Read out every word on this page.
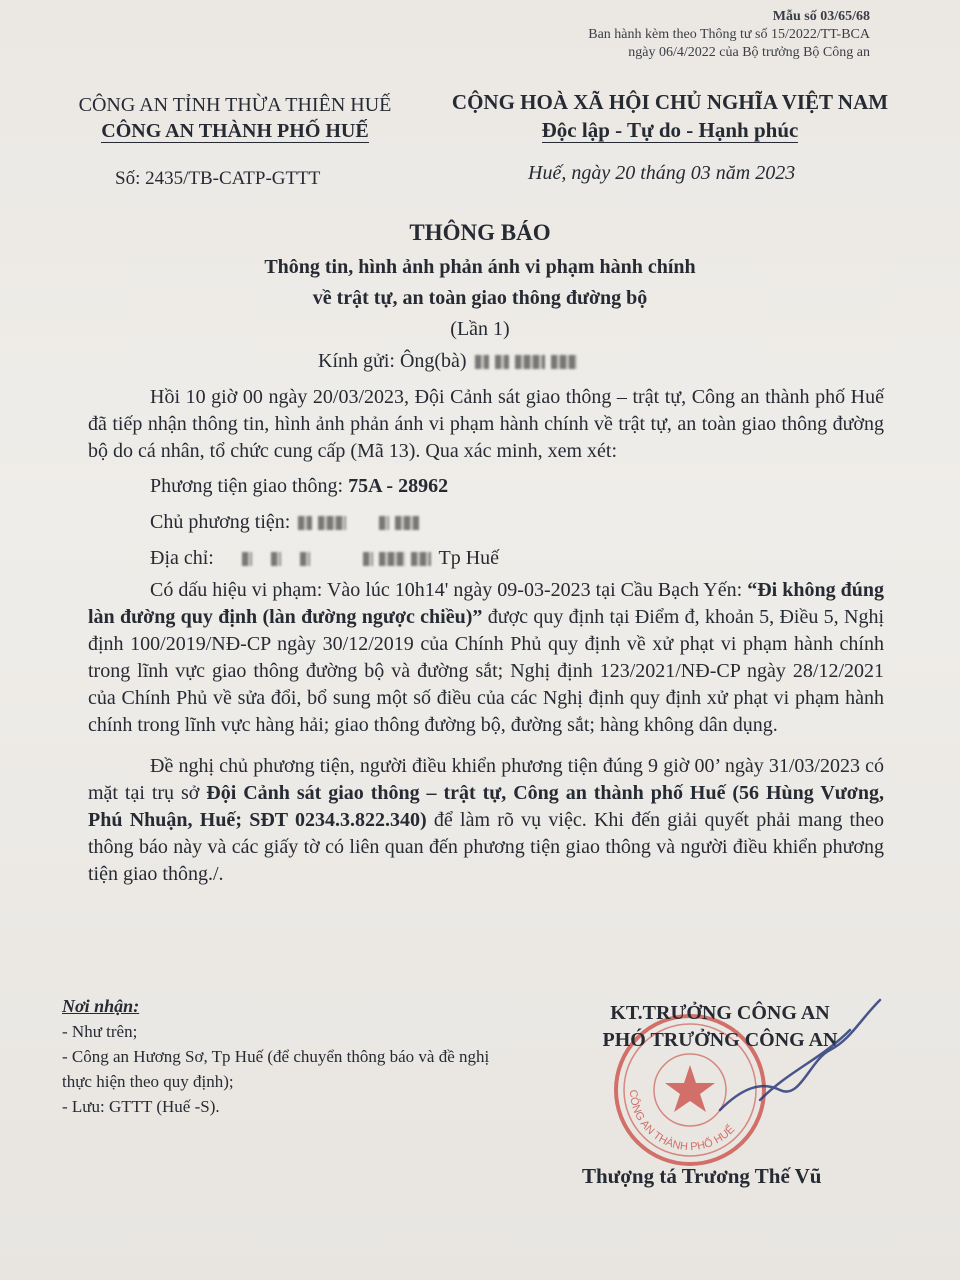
Mẫu số 03/65/68
Ban hành kèm theo Thông tư số 15/2022/TT-BCA
ngày 06/4/2022 của Bộ trưởng Bộ Công an
CÔNG AN TỈNH THỪA THIÊN HUẾ
CÔNG AN THÀNH PHỐ HUẾ
CỘNG HOÀ XÃ HỘI CHỦ NGHĨA VIỆT NAM
Độc lập - Tự do - Hạnh phúc
Số: 2435/TB-CATP-GTTT	Huế, ngày 20 tháng 03 năm 2023
THÔNG BÁO
Thông tin, hình ảnh phản ánh vi phạm hành chính
về trật tự, an toàn giao thông đường bộ
(Lần 1)
Kính gửi: Ông(bà)

Hồi 10 giờ 00 ngày 20/03/2023, Đội Cảnh sát giao thông – trật tự, Công an thành phố Huế đã tiếp nhận thông tin, hình ảnh phản ánh vi phạm hành chính về trật tự, an toàn giao thông đường bộ do cá nhân, tổ chức cung cấp (Mã 13). Qua xác minh, xem xét:

Phương tiện giao thông: 75A - 28962

Chủ phương tiện:

Địa chỉ:	Tp Huế

Có dấu hiệu vi phạm: Vào lúc 10h14' ngày 09-03-2023 tại Cầu Bạch Yến: “Đi không đúng làn đường quy định (làn đường ngược chiều)” được quy định tại Điểm đ, khoản 5, Điều 5, Nghị định 100/2019/NĐ-CP ngày 30/12/2019 của Chính Phủ quy định về xử phạt vi phạm hành chính trong lĩnh vực giao thông đường bộ và đường sắt; Nghị định 123/2021/NĐ-CP ngày 28/12/2021 của Chính Phủ về sửa đổi, bổ sung một số điều của các Nghị định quy định xử phạt vi phạm hành chính trong lĩnh vực hàng hải; giao thông đường bộ, đường sắt; hàng không dân dụng.

Đề nghị chủ phương tiện, người điều khiển phương tiện đúng 9 giờ 00’ ngày 31/03/2023 có mặt tại trụ sở Đội Cảnh sát giao thông – trật tự, Công an thành phố Huế (56 Hùng Vương, Phú Nhuận, Huế; SĐT 0234.3.822.340) để làm rõ vụ việc. Khi đến giải quyết phải mang theo thông báo này và các giấy tờ có liên quan đến phương tiện giao thông và người điều khiển phương tiện giao thông./.

Nơi nhận:
- Như trên;
- Công an Hương Sơ, Tp Huế (để chuyển thông báo và đề nghị thực hiện theo quy định);
- Lưu: GTTT (Huế -S).
CÔNG AN THÀNH PHỐ HUẾ
KT.TRƯỞNG CÔNG AN
PHÓ TRƯỞNG CÔNG AN
Thượng tá Trương Thế Vũ
